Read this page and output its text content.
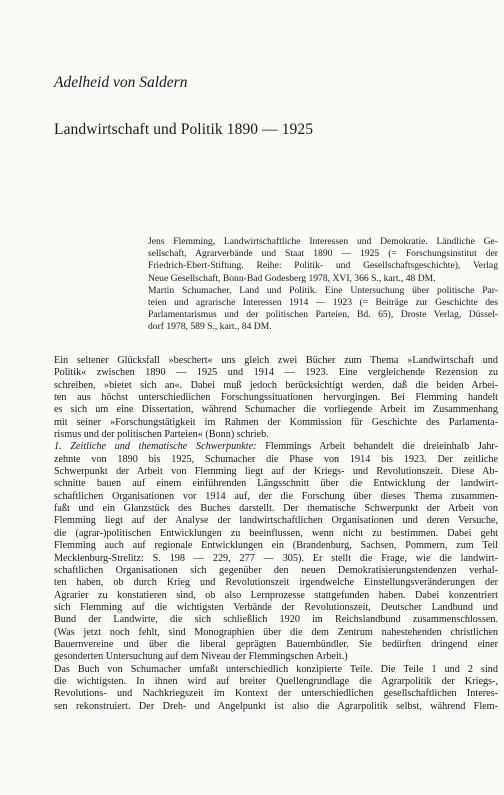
Adelheid von Saldern
Landwirtschaft und Politik 1890 — 1925
Jens Flemming, Landwirtschaftliche Interessen und Demokratie. Ländliche Ge-
sellschaft, Agrarverbände und Staat 1890 — 1925 (= Forschungsinstitut der
Friedrich-Ebert-Stiftung. Reihe: Politik- und Gesellschaftsgeschichte), Verlag
Neue Gesellschaft, Bonn-Bad Godesberg 1978, XVI, 366 S., kart., 48 DM.
Martin Schumacher, Land und Politik. Eine Untersuchung über politische Par-
teien und agrarische Interessen 1914 — 1923 (= Beiträge zur Geschichte des
Parlamentarismus und der politischen Parteien, Bd. 65), Droste Verlag, Düssel-
dorf 1978, 589 S., kart., 84 DM.
Ein seltener Glücksfall »beschert« uns gleich zwei Bücher zum Thema »Landwirtschaft und
Politik« zwischen 1890 — 1925 und 1914 — 1923. Eine vergleichende Rezension zu
schreiben, »bietet sich an«. Dabei muß jedoch berücksichtigt werden, daß die beiden Arbei-
ten aus höchst unterschiedlichen Forschungssituationen hervorgingen. Bei Flemming handelt
es sich um eine Dissertation, während Schumacher die vorliegende Arbeit im Zusammenhang
mit seiner »Forschungstätigkeit im Rahmen der Kommission für Geschichte des Parlamenta-
rismus und der politischen Parteien« (Bonn) schrieb.
1. Zeitliche und thematische Schwerpunkte: Flemmings Arbeit behandelt die dreieinhalb Jahr-
zehnte von 1890 bis 1925, Schumacher die Phase von 1914 bis 1923. Der zeitliche
Schwerpunkt der Arbeit von Flemming liegt auf der Kriegs- und Revolutionszeit. Diese Ab-
schnitte bauen auf einem einführenden Längsschnitt über die Entwicklung der landwirt-
schaftlichen Organisationen vor 1914 auf, der die Forschung über dieses Thema zusammen-
faßt und ein Glanzstück des Buches darstellt. Der thematische Schwerpunkt der Arbeit von
Flemming liegt auf der Analyse der landwirtschaftlichen Organisationen und deren Versuche,
die (agrar-)politischen Entwicklungen zu beeinflussen, wenn nicht zu bestimmen. Dabei geht
Flemming auch auf regionale Entwicklungen ein (Brandenburg, Sachsen, Pommern, zum Teil
Mecklenburg-Strelitz: S. 198 — 229, 277 — 305). Er stellt die Frage, wie die landwirt-
schaftlichen Organisationen sich gegenüber den neuen Demokratisierungstendenzen verhal-
ten haben, ob durch Krieg und Revolutionszeit irgendwelche Einstellungsveränderungen der
Agrarier zu konstatieren sind, ob also Lernprozesse stattgefunden haben. Dabei konzentriert
sich Flemming auf die wichtigsten Verbände der Revolutionszeit, Deutscher Landbund und
Bund der Landwirte, die sich schließlich 1920 im Reichslandbund zusammenschlossen.
(Was jetzt noch fehlt, sind Monographien über die dem Zentrum nahestehenden christlichen
Bauernvereine und über die liberal geprägten Bauernbündler. Sie bedürften dringend einer
gesonderten Untersuchung auf dem Niveau der Flemmingschen Arbeit.)
Das Buch von Schumacher umfaßt unterschiedlich konzipierte Teile. Die Teile 1 und 2 sind
die wichtigsten. In ihnen wird auf breiter Quellengrundlage die Agrarpolitik der Kriegs-,
Revolutions- und Nachkriegszeit im Kontext der unterschiedlichen gesellschaftlichen Interes-
sen rekonstruiert. Der Dreh- und Angelpunkt ist also die Agrarpolitik selbst, während Flem-
